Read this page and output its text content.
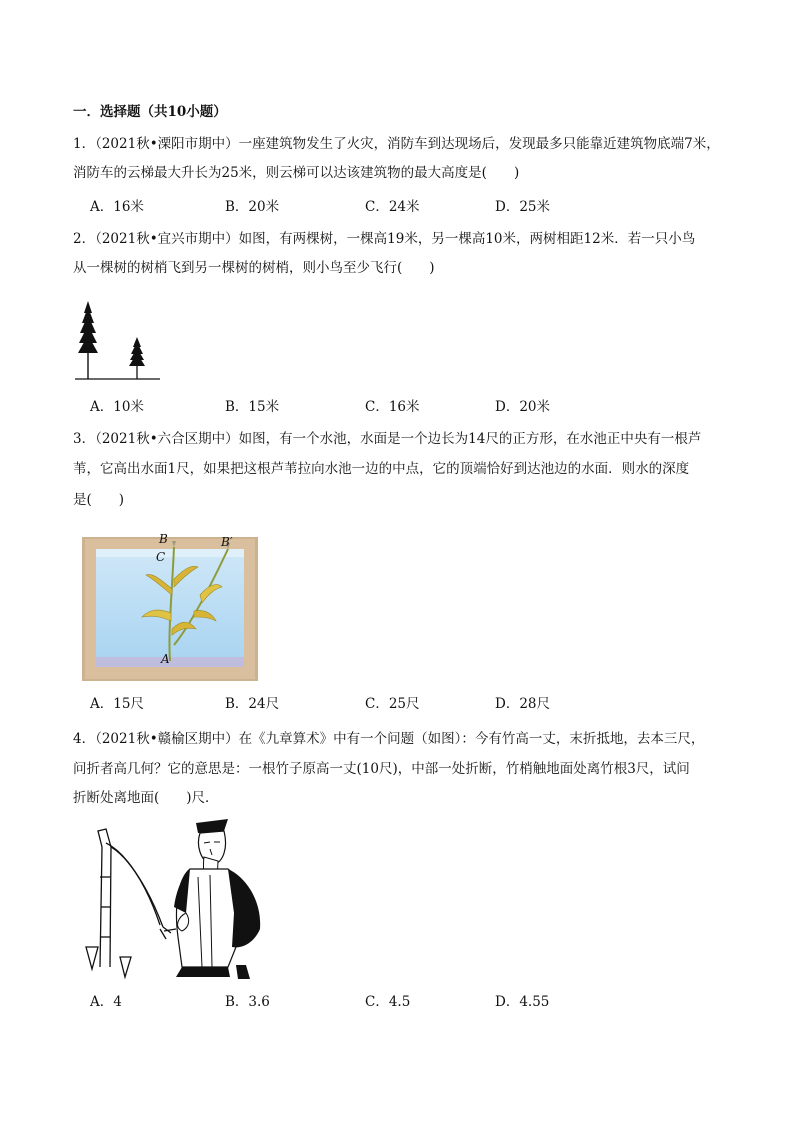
一．选择题（共10小题）
1．（2021秋•溧阳市期中）一座建筑物发生了火灾，消防车到达现场后，发现最多只能靠近建筑物底端7米，
消防车的云梯最大升长为25米，则云梯可以达该建筑物的最大高度是(　　)
A．16米	B．20米	C．24米	D．25米
2．（2021秋•宜兴市期中）如图，有两棵树，一棵高19米，另一棵高10米，两树相距12米．若一只小鸟
从一棵树的树梢飞到另一棵树的树梢，则小鸟至少飞行(　　)
A．10米	B．15米	C．16米	D．20米
3．（2021秋•六合区期中）如图，有一个水池，水面是一个边长为14尺的正方形，在水池正中央有一根芦
苇，它高出水面1尺，如果把这根芦苇拉向水池一边的中点，它的顶端恰好到达池边的水面．则水的深度
是(　　)
B
C
B′
A
A．15尺	B．24尺	C．25尺	D．28尺
4．（2021秋•赣榆区期中）在《九章算术》中有一个问题（如图）：今有竹高一丈，末折抵地，去本三尺，
问折者高几何？它的意思是：一根竹子原高一丈(10尺)，中部一处折断，竹梢触地面处离竹根3尺，试问
折断处离地面(　　)尺．
A．4	B．3.6	C．4.5	D．4.55
